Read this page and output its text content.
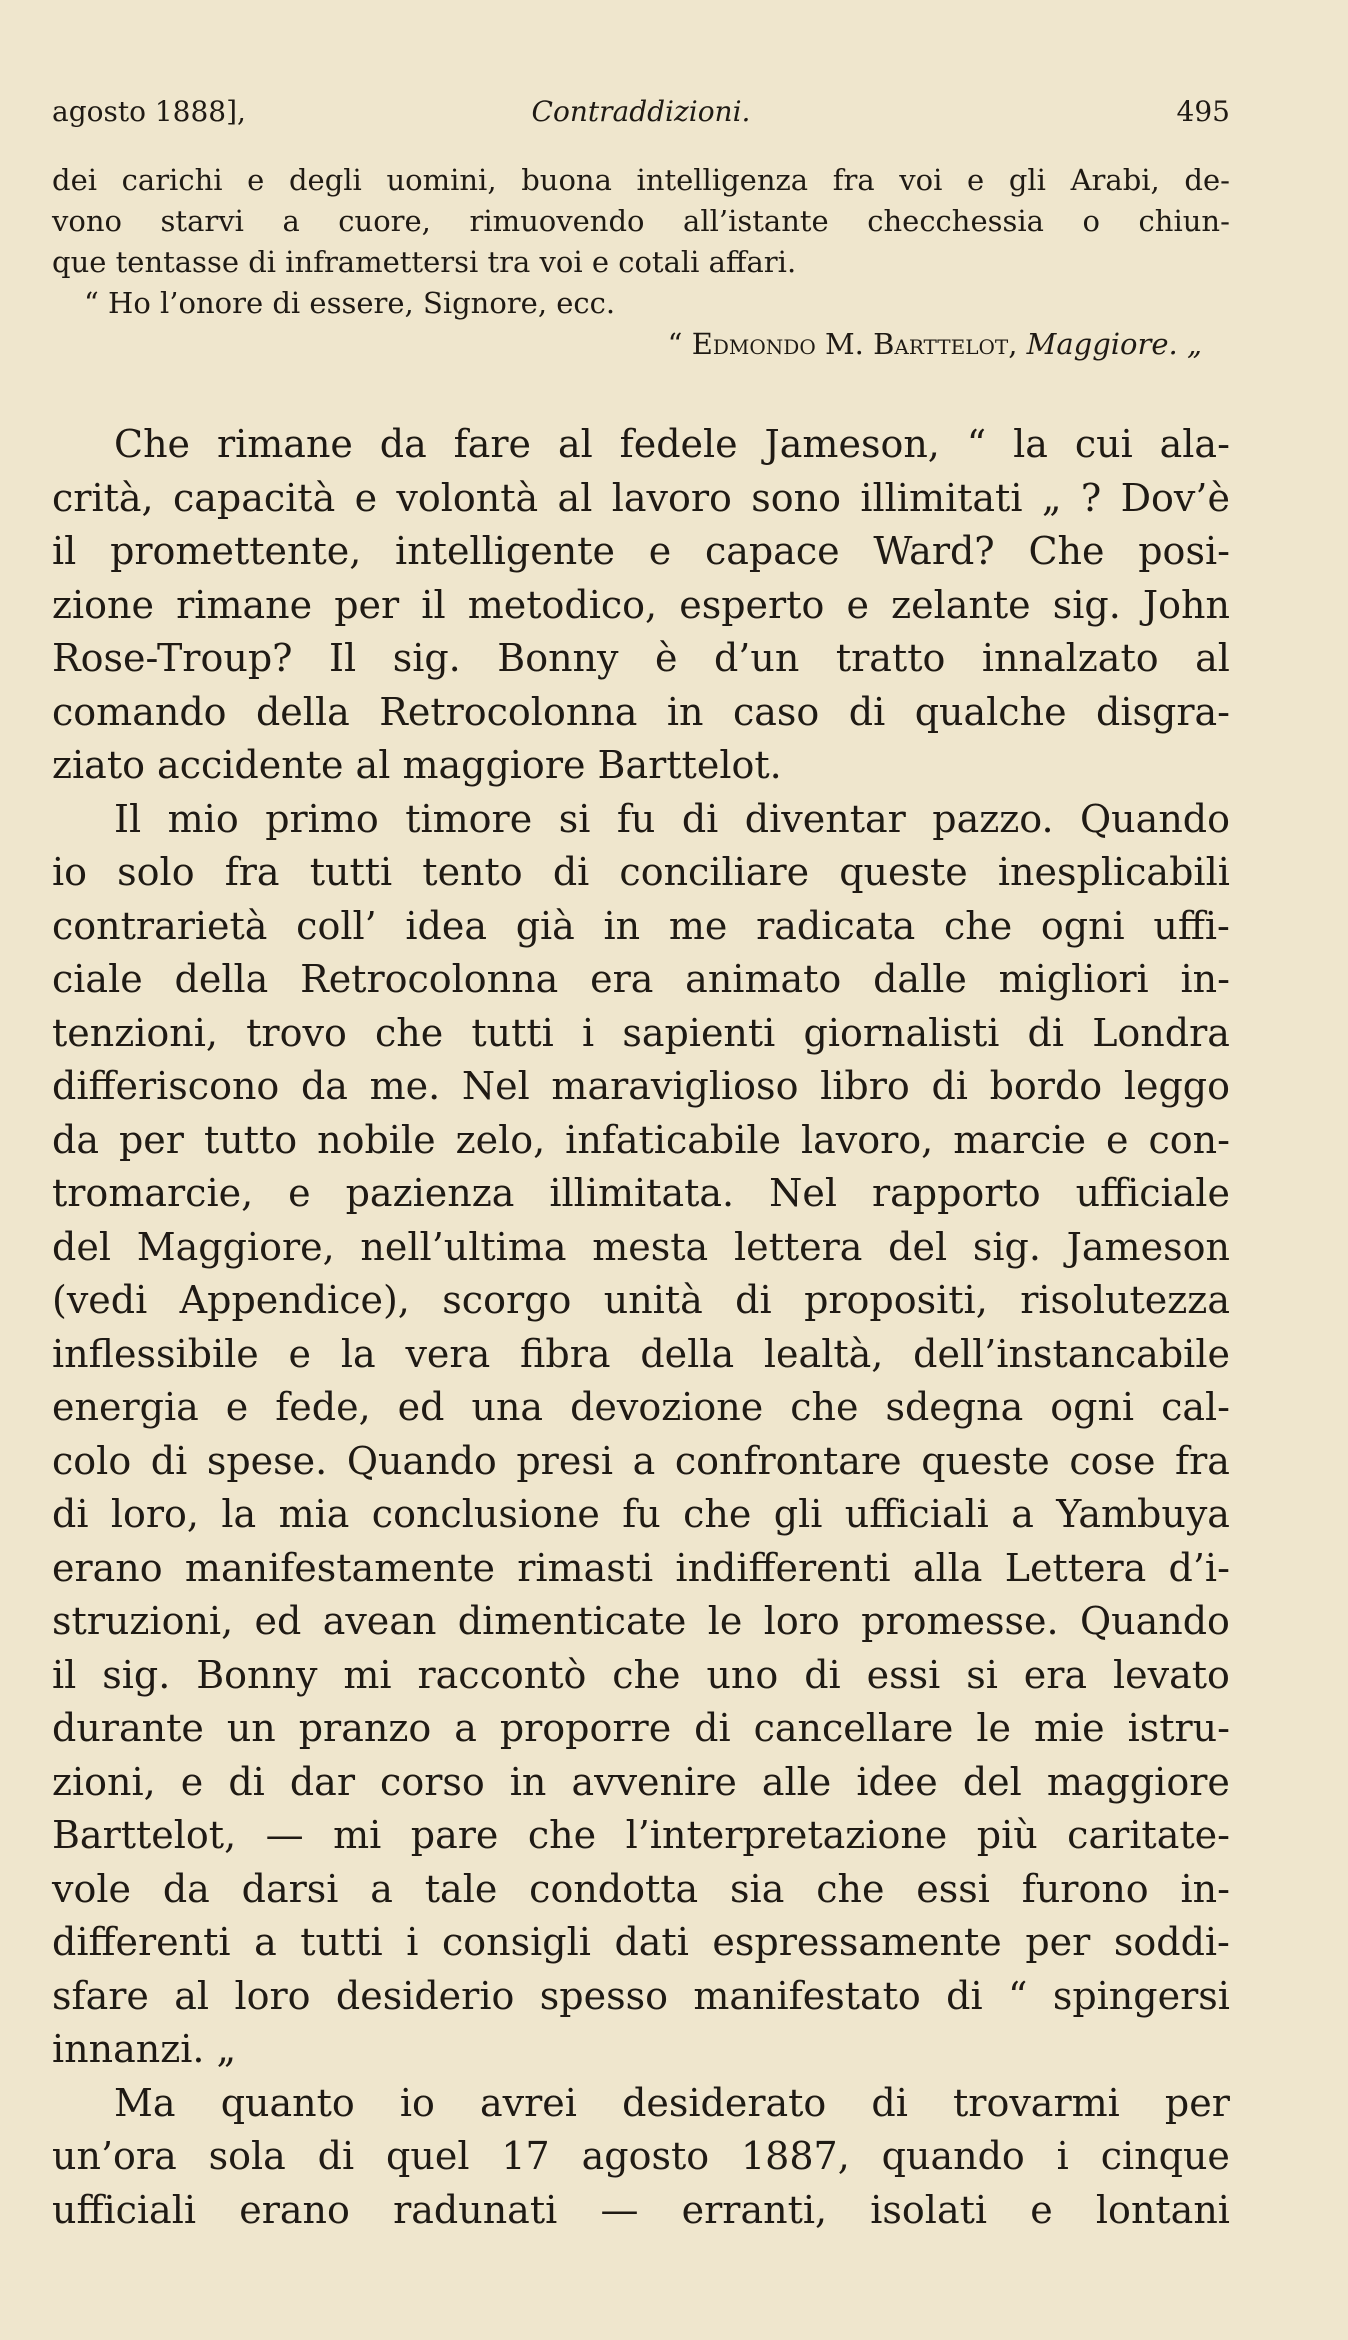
agosto 1888],	Contraddizioni.	495
dei carichi e degli uomini, buona intelligenza fra voi e gli Arabi, de-
vono starvi a cuore, rimuovendo all’istante checchessia o chiun-
que tentasse di inframettersi tra voi e cotali affari.
“ Ho l’onore di essere, Signore, ecc.
“ Edmondo M. Barttelot, Maggiore. „
Che rimane da fare al fedele Jameson, “ la cui ala-
crità, capacità e volontà al lavoro sono illimitati „ ? Dov’è
il promettente, intelligente e capace Ward? Che posi-
zione rimane per il metodico, esperto e zelante sig. John
Rose-Troup? Il sig. Bonny è d’un tratto innalzato al
comando della Retrocolonna in caso di qualche disgra-
ziato accidente al maggiore Barttelot.
Il mio primo timore si fu di diventar pazzo. Quando
io solo fra tutti tento di conciliare queste inesplicabili
contrarietà coll’ idea già in me radicata che ogni uffi-
ciale della Retrocolonna era animato dalle migliori in-
tenzioni, trovo che tutti i sapienti giornalisti di Londra
differiscono da me. Nel maraviglioso libro di bordo leggo
da per tutto nobile zelo, infaticabile lavoro, marcie e con-
tromarcie, e pazienza illimitata. Nel rapporto ufficiale
del Maggiore, nell’ultima mesta lettera del sig. Jameson
(vedi Appendice), scorgo unità di propositi, risolutezza
inflessibile e la vera fibra della lealtà, dell’instancabile
energia e fede, ed una devozione che sdegna ogni cal-
colo di spese. Quando presi a confrontare queste cose fra
di loro, la mia conclusione fu che gli ufficiali a Yambuya
erano manifestamente rimasti indifferenti alla Lettera d’i-
struzioni, ed avean dimenticate le loro promesse. Quando
il sig. Bonny mi raccontò che uno di essi si era levato
durante un pranzo a proporre di cancellare le mie istru-
zioni, e di dar corso in avvenire alle idee del maggiore
Barttelot, — mi pare che l’interpretazione più caritate-
vole da darsi a tale condotta sia che essi furono in-
differenti a tutti i consigli dati espressamente per soddi-
sfare al loro desiderio spesso manifestato di “ spingersi
innanzi. „
Ma quanto io avrei desiderato di trovarmi per
un’ora sola di quel 17 agosto 1887, quando i cinque
ufficiali erano radunati — erranti, isolati e lontani
